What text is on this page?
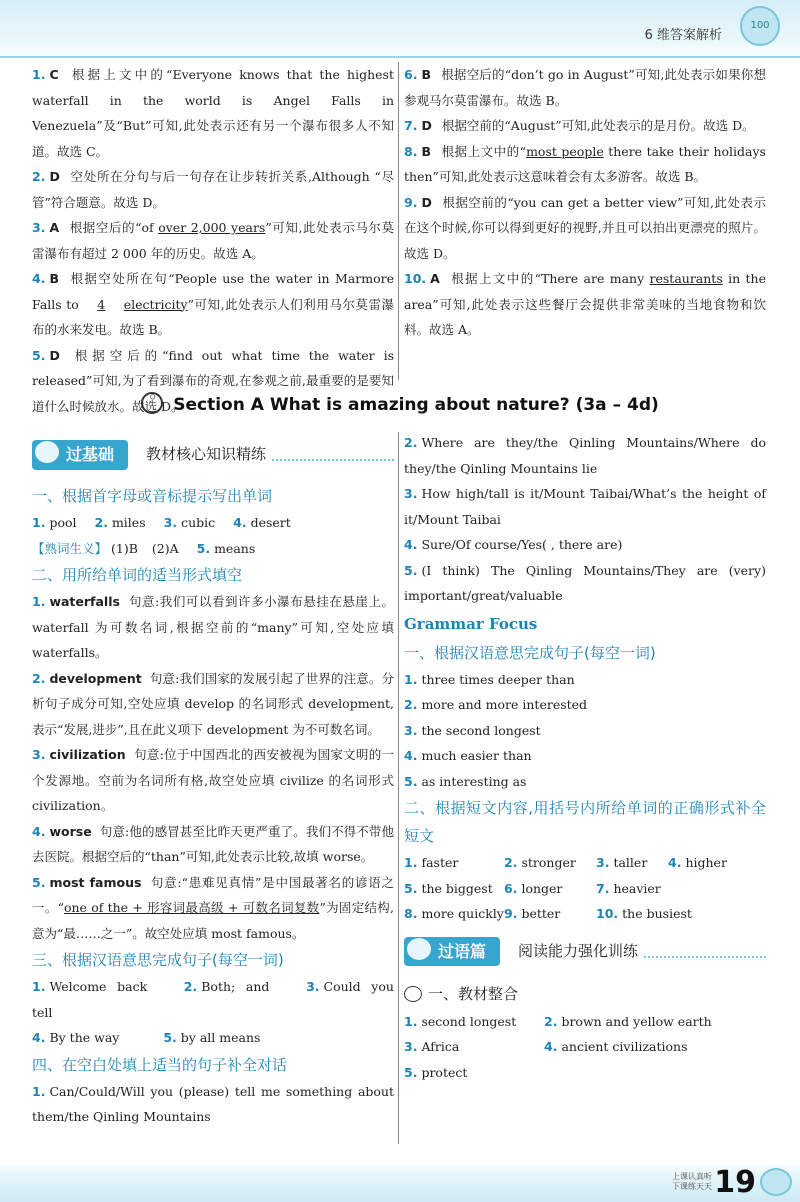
6 维答案解析
100
1. C 根据上文中的“Everyone knows that the highest waterfall in the world is Angel Falls in Venezuela”及“But”可知,此处表示还有另一个瀑布很多人不知道。故选 C。
2. D 空处所在分句与后一句存在让步转折关系,Although “尽管”符合题意。故选 D。
3. A 根据空后的“of over 2,000 years”可知,此处表示马尔莫雷瀑布有超过 2 000 年的历史。故选 A。
4. B 根据空处所在句“People use the water in Marmore Falls to 4 electricity”可知,此处表示人们利用马尔莫雷瀑布的水来发电。故选 B。
5. D 根据空后的“find out what time the water is released”可知,为了看到瀑布的奇观,在参观之前,最重要的是要知道什么时候放水。故选 D。
6. B 根据空后的“don’t go in August”可知,此处表示如果你想参观马尔莫雷瀑布。故选 B。
7. D 根据空前的“August”可知,此处表示的是月份。故选 D。
8. B 根据上文中的“most people there take their holidays then”可知,此处表示这意味着会有太多游客。故选 B。
9. D 根据空前的“you can get a better view”可知,此处表示在这个时候,你可以得到更好的视野,并且可以拍出更漂亮的照片。故选 D。
10. A 根据上文中的“There are many restaurants in the area”可知,此处表示这些餐厅会提供非常美味的当地食物和饮料。故选 A。
◦Section A What is amazing about nature? (3a – 4d)
过基础	教材核心知识精练
一、根据首字母或音标提示写出单词
1. pool 2. miles 3. cubic 4. desert
【熟词生义】 (1)B (2)A 5. means
二、用所给单词的适当形式填空
1. waterfalls 句意:我们可以看到许多小瀑布悬挂在悬崖上。waterfall 为可数名词,根据空前的“many”可知,空处应填 waterfalls。
2. development 句意:我们国家的发展引起了世界的注意。分析句子成分可知,空处应填 develop 的名词形式 development,表示“发展,进步”,且在此义项下 development 为不可数名词。
3. civilization 句意:位于中国西北的西安被视为国家文明的一个发源地。空前为名词所有格,故空处应填 civilize 的名词形式 civilization。
4. worse 句意:他的感冒甚至比昨天更严重了。我们不得不带他去医院。根据空后的“than”可知,此处表示比较,故填 worse。
5. most famous 句意:“患难见真情”是中国最著名的谚语之一。“one of the + 形容词最高级 + 可数名词复数”为固定结构,意为“最……之一”。故空处应填 most famous。
三、根据汉语意思完成句子(每空一词)
1. Welcome back	2. Both; and	3. Could you tell
4. By the way	5. by all means
四、在空白处填上适当的句子补全对话
1. Can/Could/Will you (please) tell me something about them/the Qinling Mountains
2. Where are they/the Qinling Mountains/Where do they/the Qinling Mountains lie
3. How high/tall is it/Mount Taibai/What’s the height of it/Mount Taibai
4. Sure/Of course/Yes( , there are)
5. (I think) The Qinling Mountains/They are (very) important/great/valuable
Grammar Focus
一、根据汉语意思完成句子(每空一词)
1. three times deeper than
2. more and more interested
3. the second longest
4. much easier than
5. as interesting as
二、根据短文内容,用括号内所给单词的正确形式补全短文
1. faster	2. stronger 3. taller 4. higher
5. the biggest 6. longer	7. heavier
8. more quickly9. better	10. the busiest
过语篇	阅读能力强化训练
一、教材整合
1. second longest 2. brown and yellow earth
3. Africa	4. ancient civilizations
5. protect
上课认真听
下课练天天 19
